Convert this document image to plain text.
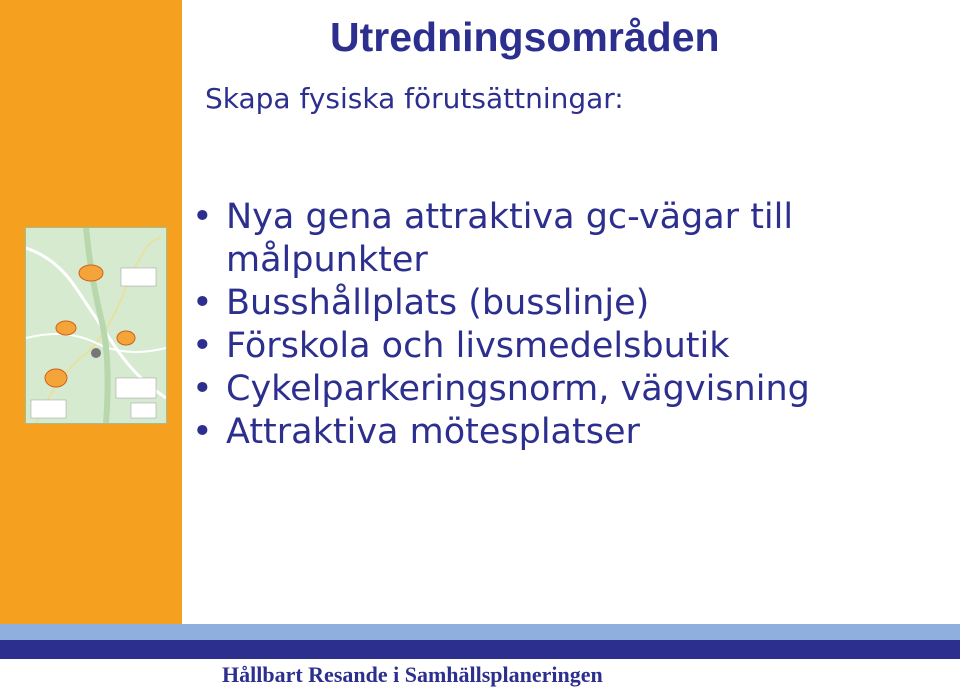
Utredningsområden

Skapa fysiska förutsättningar:

• Nya gena attraktiva gc-vägar till målpunkter
• Busshållplats (busslinje)
• Förskola och livsmedelsbutik
• Cykelparkeringsnorm, vägvisning
• Attraktiva mötesplatser

Hållbart Resande i Samhällsplaneringen
